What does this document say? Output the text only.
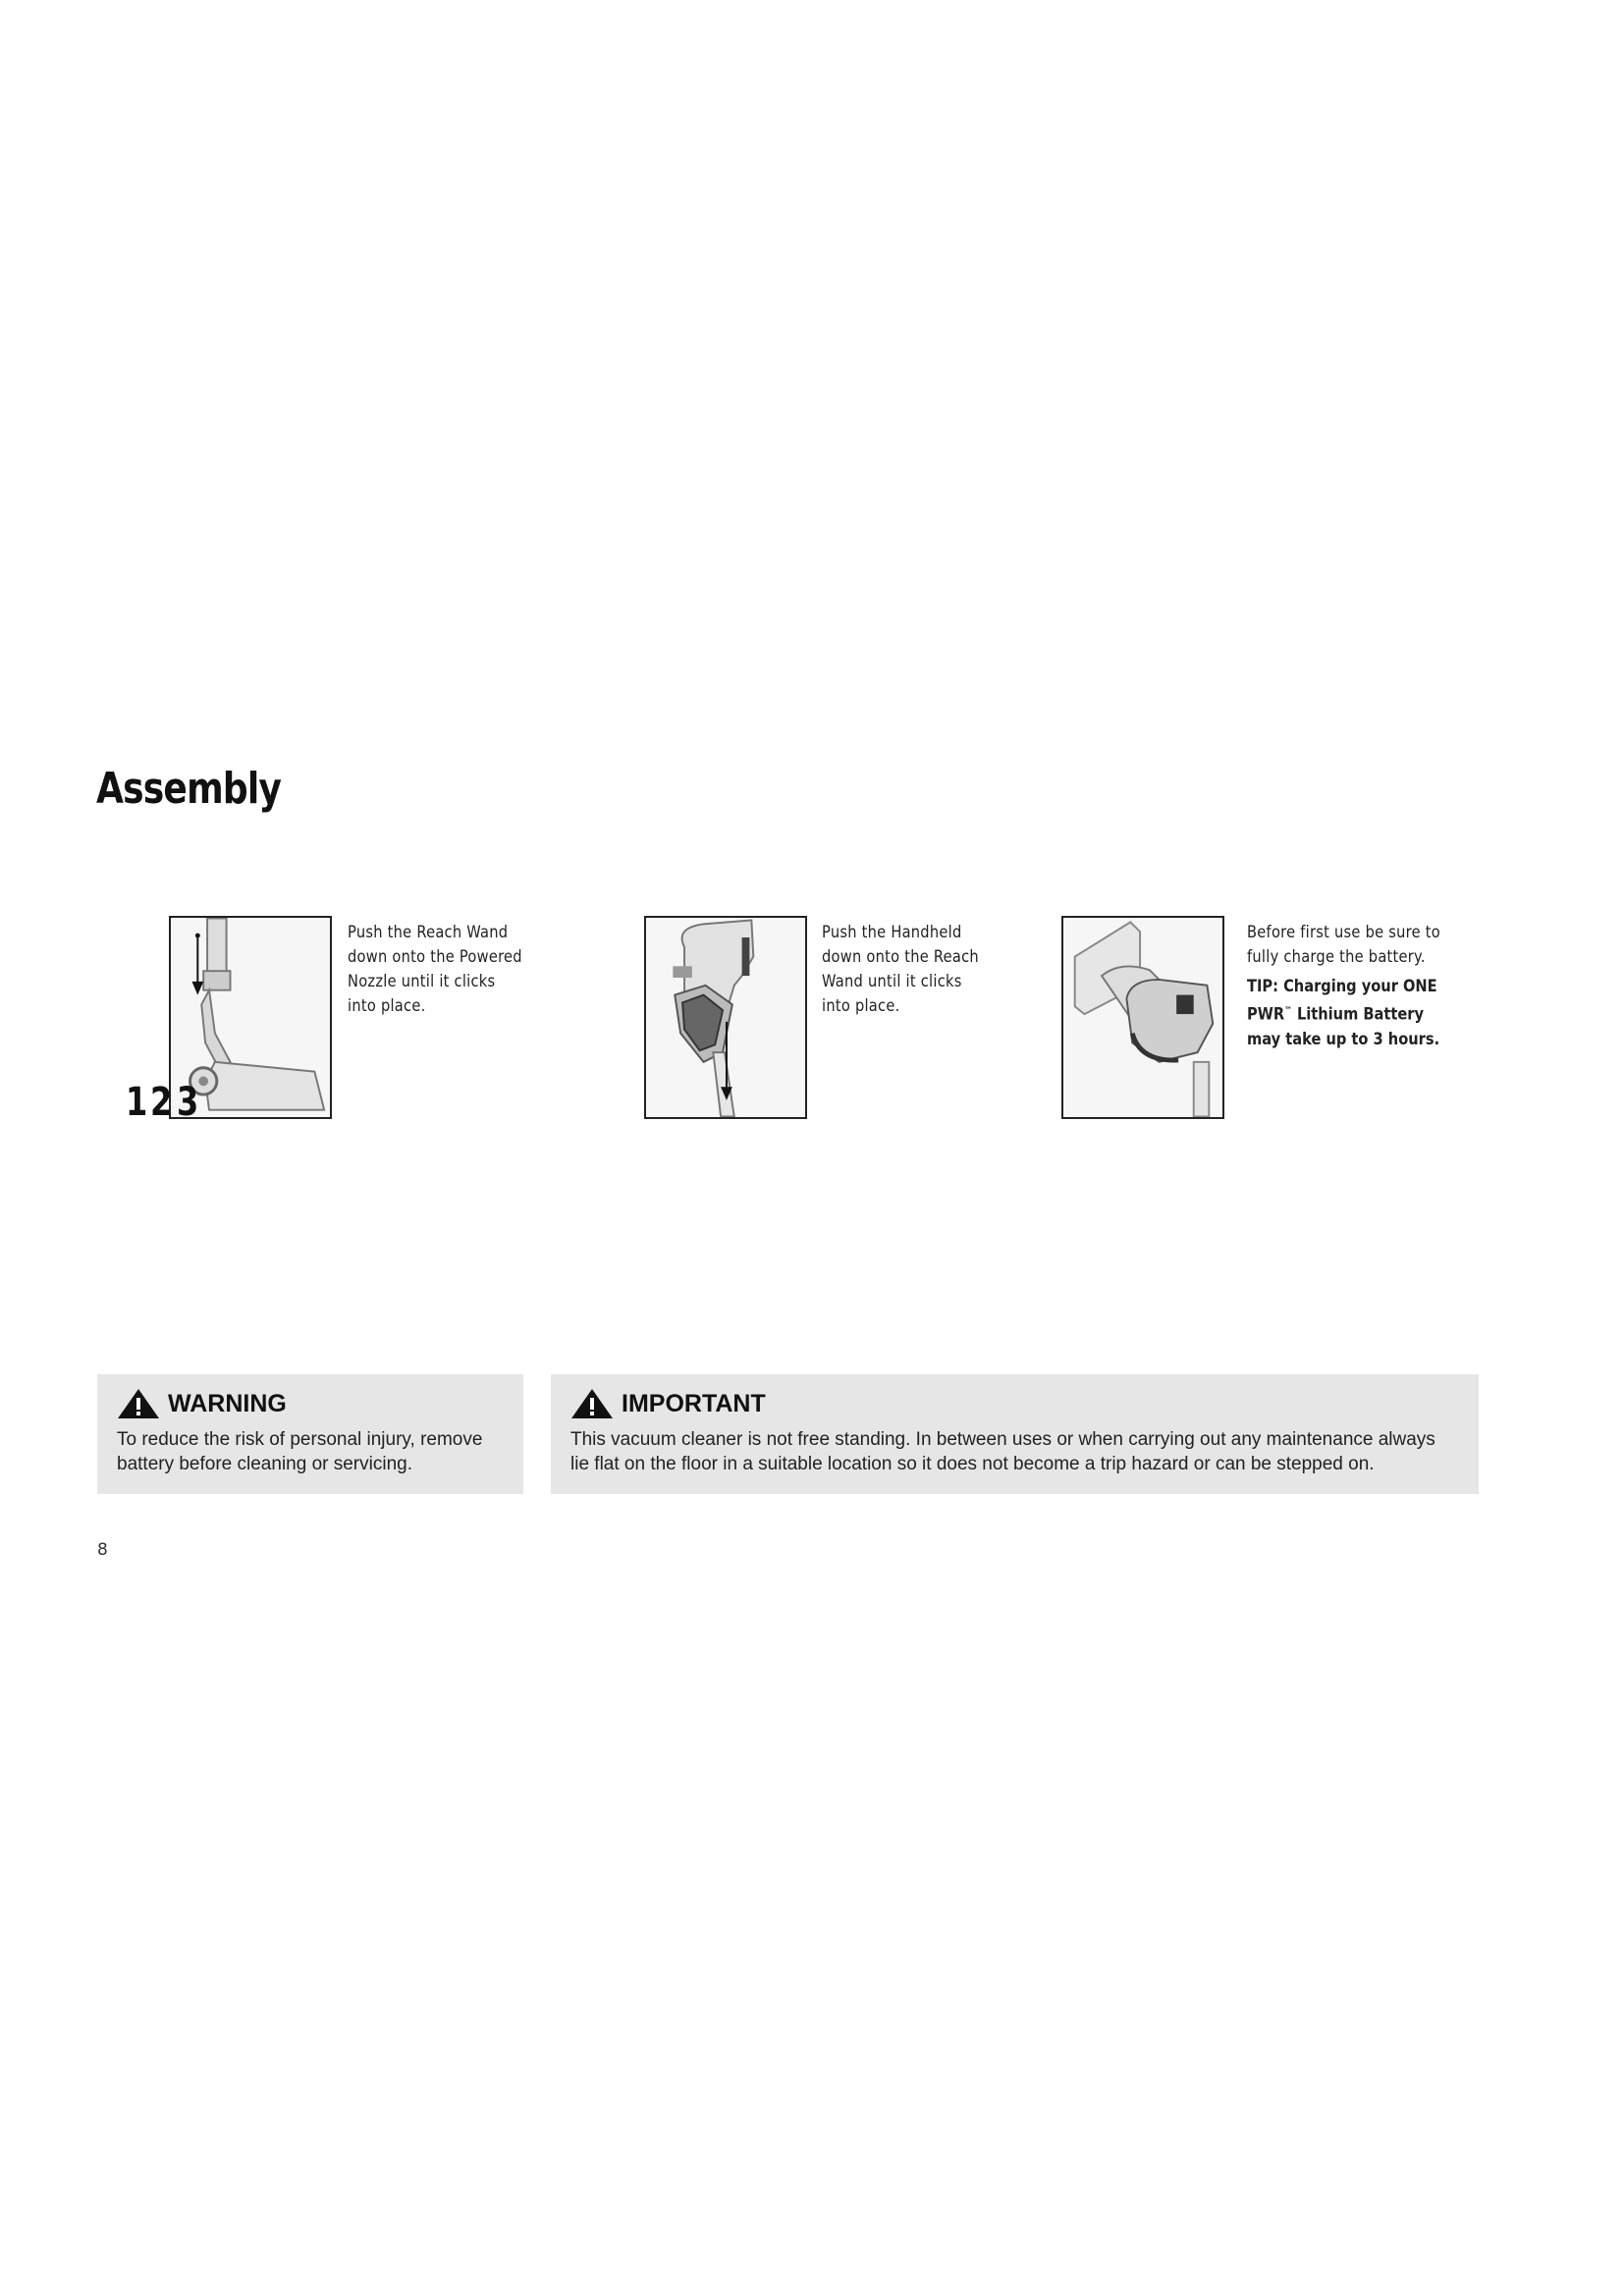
Assembly

Push the Reach Wand down onto the Powered Nozzle until it clicks into place.

Push the Handheld down onto the Reach Wand until it clicks into place.

Before first use be sure to fully charge the battery.

TIP: Charging your ONE PWR™ Lithium Battery may take up to 3 hours.

1 2 3
WARNING
To reduce the risk of personal injury, remove battery before cleaning or servicing.
IMPORTANT
This vacuum cleaner is not free standing. In between uses or when carrying out any maintenance always lie flat on the floor in a suitable location so it does not become a trip hazard or can be stepped on.
8
